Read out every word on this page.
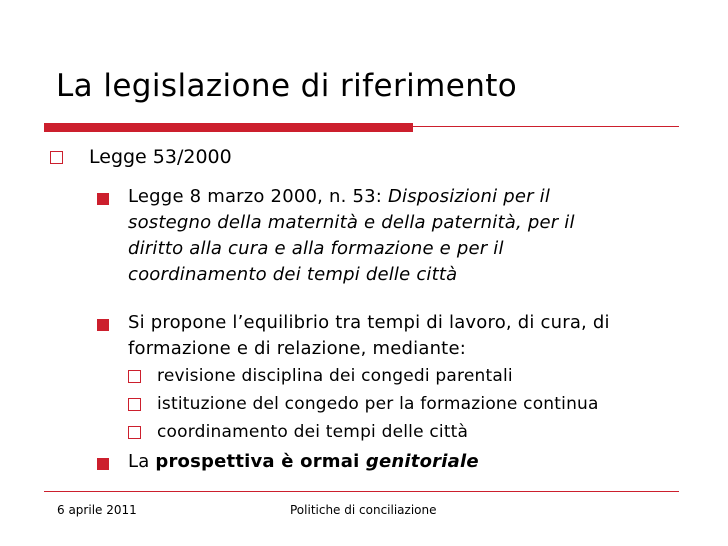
La legislazione di riferimento
Legge 53/2000
Legge 8 marzo 2000, n. 53: Disposizioni per il
sostegno della maternità e della paternità, per il
diritto alla cura e alla formazione e per il
coordinamento dei tempi delle città
Si propone l’equilibrio tra tempi di lavoro, di cura, di
formazione e di relazione, mediante:
revisione disciplina dei congedi parentali
istituzione del congedo per la formazione continua
coordinamento dei tempi delle città
La prospettiva è ormai genitoriale
6 aprile 2011	Politiche di conciliazione
